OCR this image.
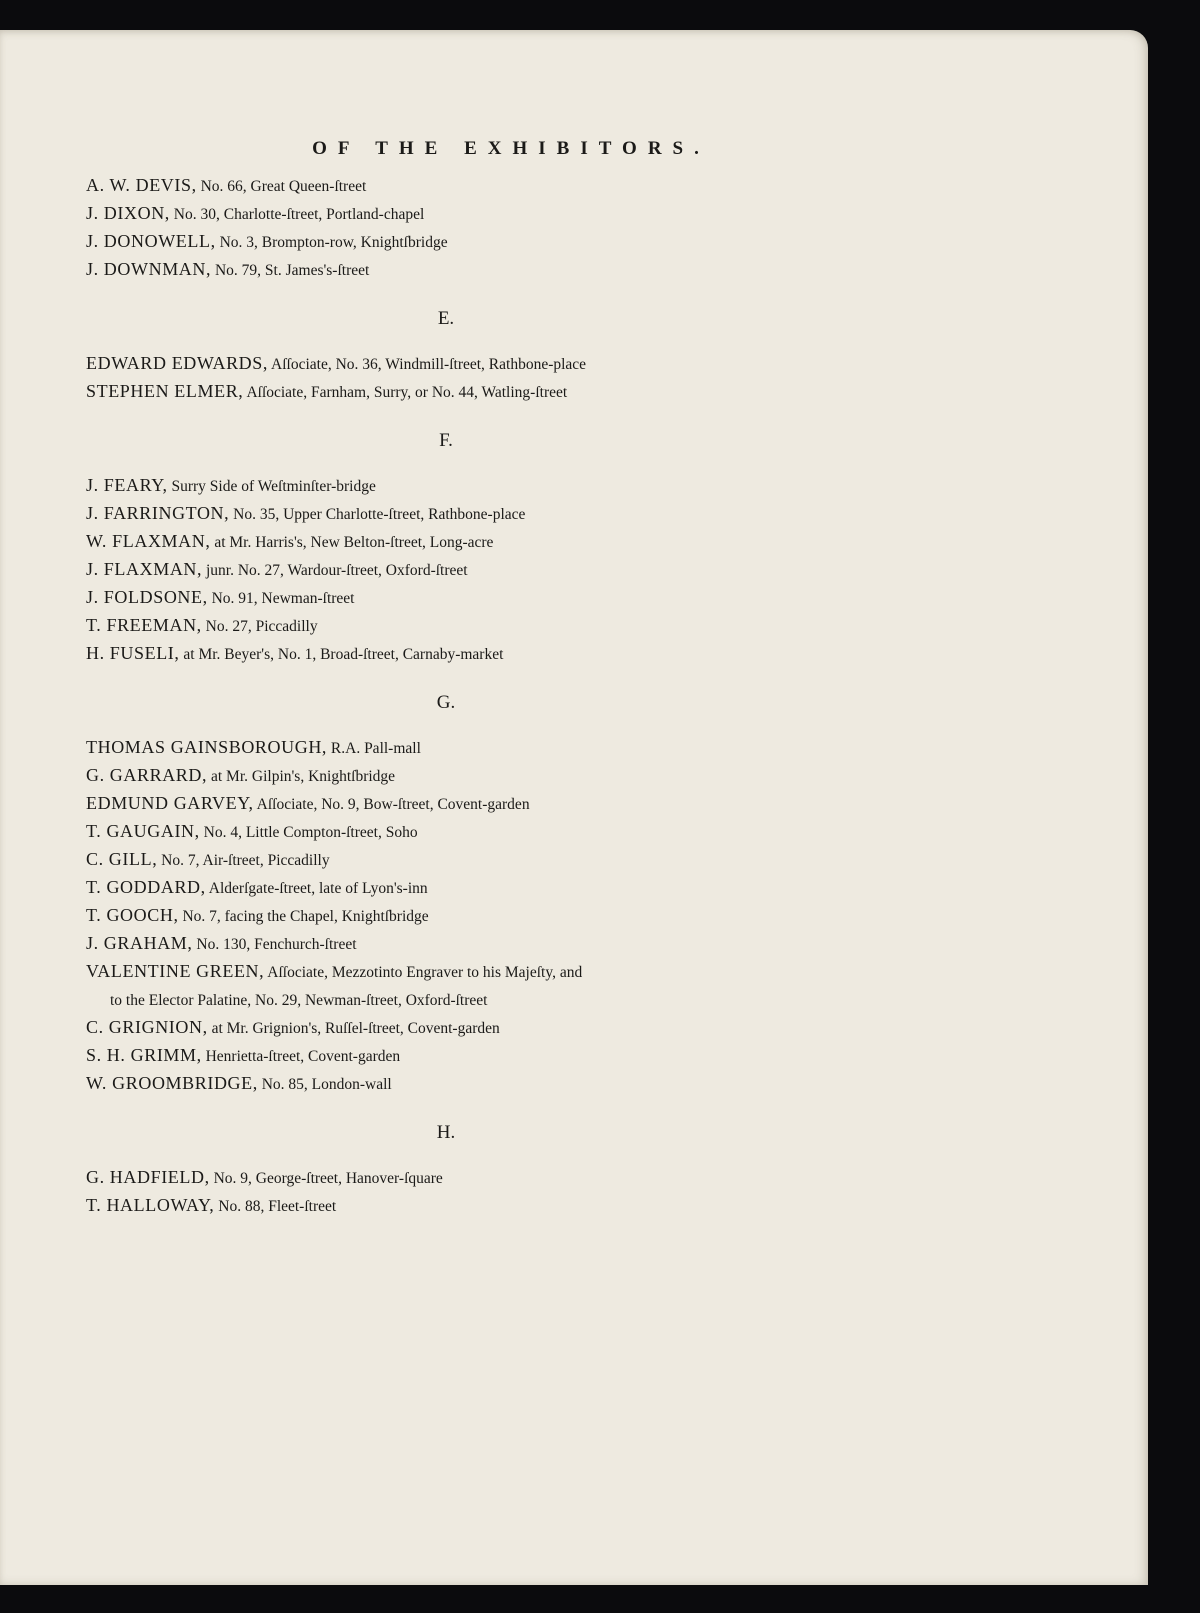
OF THE EXHIBITORS.
A. W. DEVIS, No. 66, Great Queen-ſtreet
J. DIXON, No. 30, Charlotte-ſtreet, Portland-chapel
J. DONOWELL, No. 3, Brompton-row, Knightſbridge
J. DOWNMAN, No. 79, St. James's-ſtreet
E.
EDWARD EDWARDS, Aſſociate, No. 36, Windmill-ſtreet, Rathbone-place
STEPHEN ELMER, Aſſociate, Farnham, Surry, or No. 44, Watling-ſtreet
F.
J. FEARY, Surry Side of Weſtminſter-bridge
J. FARRINGTON, No. 35, Upper Charlotte-ſtreet, Rathbone-place
W. FLAXMAN, at Mr. Harris's, New Belton-ſtreet, Long-acre
J. FLAXMAN, junr. No. 27, Wardour-ſtreet, Oxford-ſtreet
J. FOLDSONE, No. 91, Newman-ſtreet
T. FREEMAN, No. 27, Piccadilly
H. FUSELI, at Mr. Beyer's, No. 1, Broad-ſtreet, Carnaby-market
G.
THOMAS GAINSBOROUGH, R.A. Pall-mall
G. GARRARD, at Mr. Gilpin's, Knightſbridge
EDMUND GARVEY, Aſſociate, No. 9, Bow-ſtreet, Covent-garden
T. GAUGAIN, No. 4, Little Compton-ſtreet, Soho
C. GILL, No. 7, Air-ſtreet, Piccadilly
T. GODDARD, Alderſgate-ſtreet, late of Lyon's-inn
T. GOOCH, No. 7, facing the Chapel, Knightſbridge
J. GRAHAM, No. 130, Fenchurch-ſtreet
VALENTINE GREEN, Aſſociate, Mezzotinto Engraver to his Majeſty, and
to the Elector Palatine, No. 29, Newman-ſtreet, Oxford-ſtreet
C. GRIGNION, at Mr. Grignion's, Ruſſel-ſtreet, Covent-garden
S. H. GRIMM, Henrietta-ſtreet, Covent-garden
W. GROOMBRIDGE, No. 85, London-wall
H.
G. HADFIELD, No. 9, George-ſtreet, Hanover-ſquare
T. HALLOWAY, No. 88, Fleet-ſtreet
